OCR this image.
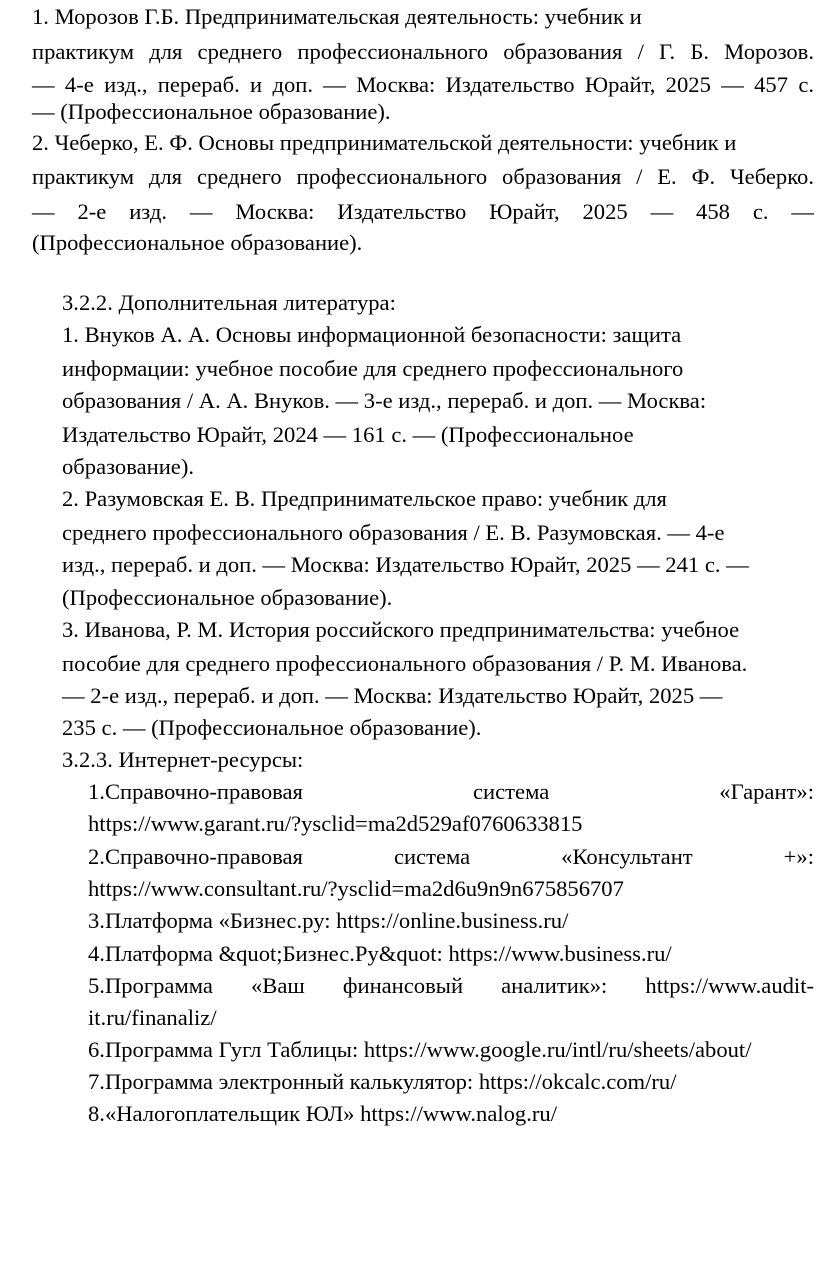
1. Морозов Г.Б. Предпринимательская деятельность: учебник и
практикум для среднего профессионального образования / Г. Б. Морозов.
— 4-е изд., перераб. и доп. — Москва: Издательство Юрайт, 2025 — 457 с.
— (Профессиональное образование).
2. Чеберко, Е. Ф. Основы предпринимательской деятельности: учебник и
практикум для среднего профессионального образования / Е. Ф. Чеберко.
— 2-е изд. — Москва: Издательство Юрайт, 2025 — 458 с. —
(Профессиональное образование).
3.2.2. Дополнительная литература:
1. Внуков А. А. Основы информационной безопасности: защита
информации: учебное пособие для среднего профессионального
образования / А. А. Внуков. — 3-е изд., перераб. и доп. — Москва:
Издательство Юрайт, 2024 — 161 с. — (Профессиональное
образование).
2. Разумовская Е. В. Предпринимательское право: учебник для
среднего профессионального образования / Е. В. Разумовская. — 4-е
изд., перераб. и доп. — Москва: Издательство Юрайт, 2025 — 241 с. —
(Профессиональное образование).
3. Иванова, Р. М. История российского предпринимательства: учебное
пособие для среднего профессионального образования / Р. М. Иванова.
— 2-е изд., перераб. и доп. — Москва: Издательство Юрайт, 2025 —
235 с. — (Профессиональное образование).
3.2.3. Интернет-ресурсы:
1.Справочно-правовая система «Гарант»:
https://www.garant.ru/?ysclid=ma2d529af0760633815
2.Справочно-правовая система «Консультант +»:
https://www.consultant.ru/?ysclid=ma2d6u9n9n675856707
3.Платформа «Бизнес.ру: https://online.business.ru/
4.Платформа &quot;Бизнес.Ру&quot: https://www.business.ru/
5.Программа «Ваш финансовый аналитик»: https://www.audit-
it.ru/finanaliz/
6.Программа Гугл Таблицы: https://www.google.ru/intl/ru/sheets/about/
7.Программа электронный калькулятор: https://okcalc.com/ru/
8.«Налогоплательщик ЮЛ» https://www.nalog.ru/
